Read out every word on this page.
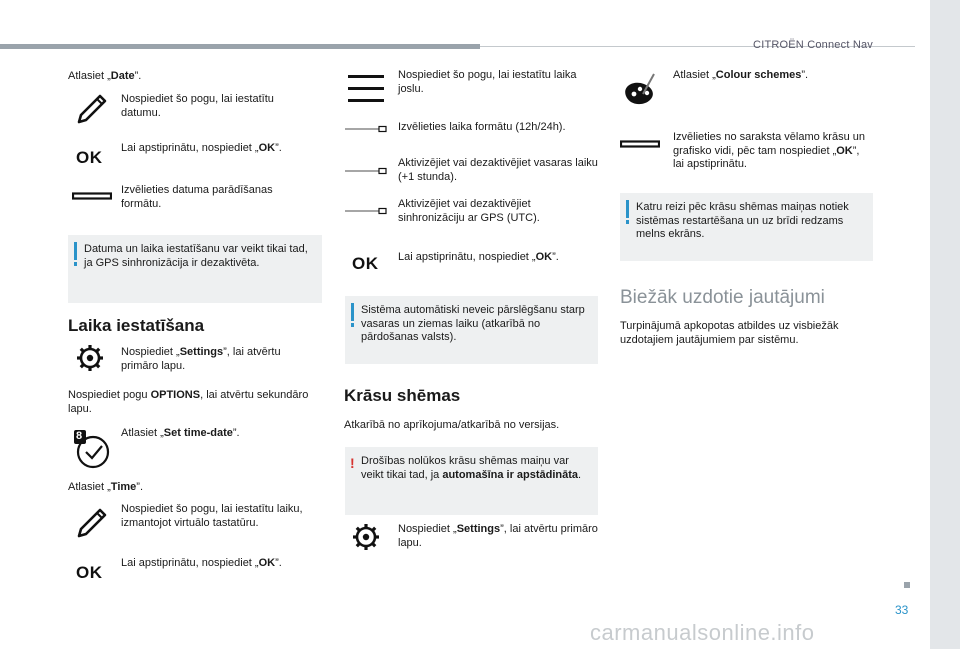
CITROËN Connect Nav
33
carmanualsonline.info
Atlasiet „Date”.
Nospiediet šo pogu, lai iestatītu datumu.
OK Lai apstiprinātu, nospiediet „OK”.
Izvēlieties datuma parādīšanas formātu.
Datuma un laika iestatīšanu var veikt tikai tad, ja GPS sinhronizācija ir dezaktivēta.
Laika iestatīšana
Nospiediet „Settings”, lai atvērtu primāro lapu.
Nospiediet pogu OPTIONS, lai atvērtu sekundāro lapu.
8	Atlasiet „Set time-date”.
Atlasiet „Time”.
Nospiediet šo pogu, lai iestatītu laiku, izmantojot virtuālo tastatūru.
OK Lai apstiprinātu, nospiediet „OK”.
Nospiediet šo pogu, lai iestatītu laika joslu.
Izvēlieties laika formātu (12h/24h).
Aktivizējiet vai dezaktivējiet vasaras laiku (+1 stunda).
Aktivizējiet vai dezaktivējiet sinhronizāciju ar GPS (UTC).
OK Lai apstiprinātu, nospiediet „OK”.
Sistēma automātiski neveic pārslēgšanu starp vasaras un ziemas laiku (atkarībā no pārdošanas valsts).
Krāsu shēmas
Atkarībā no aprīkojuma/atkarībā no versijas.
! Drošības nolūkos krāsu shēmas maiņu var veikt tikai tad, ja automašīna ir apstādināta.
Nospiediet „Settings”, lai atvērtu primāro lapu.
Atlasiet „Colour schemes”.
Izvēlieties no saraksta vēlamo krāsu un grafisko vidi, pēc tam nospiediet „OK”, lai apstiprinātu.
Katru reizi pēc krāsu shēmas maiņas notiek sistēmas restartēšana un uz brīdi redzams melns ekrāns.
Biežāk uzdotie jautājumi
Turpinājumā apkopotas atbildes uz visbiežāk uzdotajiem jautājumiem par sistēmu.
